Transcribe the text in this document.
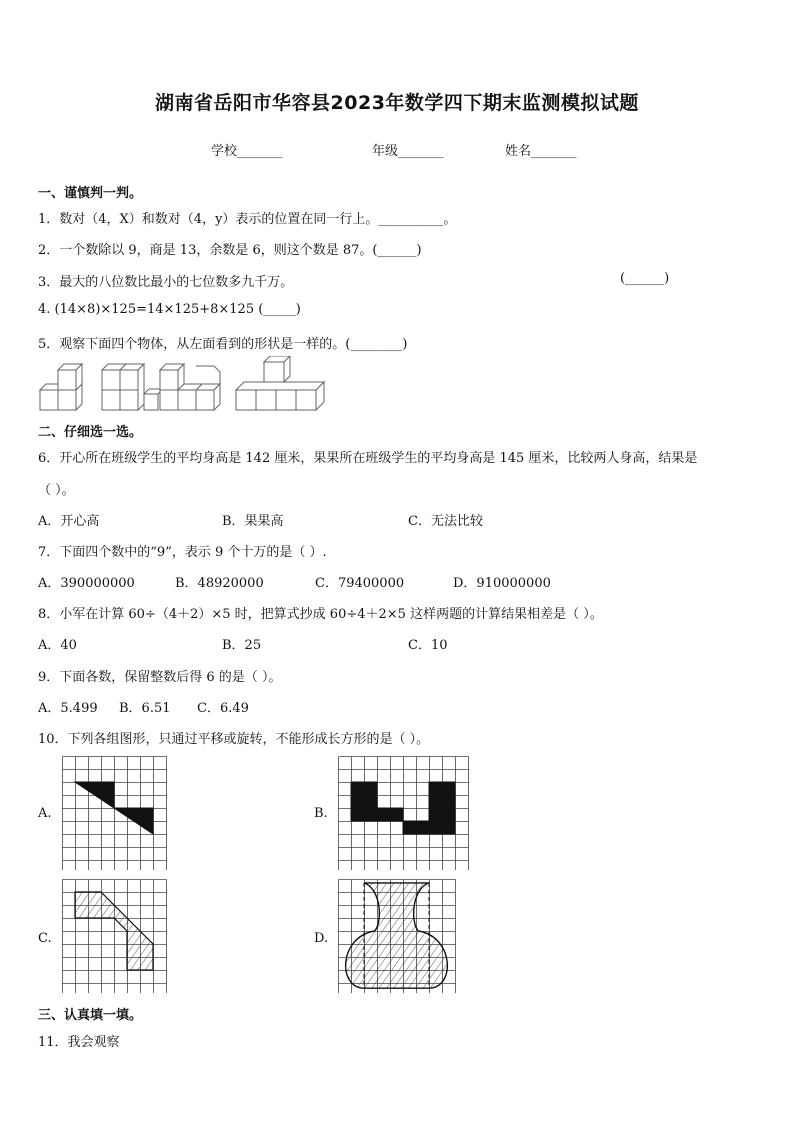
湖南省岳阳市华容县2023年数学四下期末监测模拟试题
学校_______	年级_______	姓名_______
一、谨慎判一判。
1．数对（4，X）和数对（4，y）表示的位置在同一行上。__________。
2．一个数除以 9，商是 13，余数是 6，则这个数是 87。(______)
3．最大的八位数比最小的七位数多九千万。	(______)
4. (14×8)×125=14×125+8×125 (_____)
5．观察下面四个物体，从左面看到的形状是一样的。(________)
二、仔细选一选。
6．开心所在班级学生的平均身高是 142 厘米，果果所在班级学生的平均身高是 145 厘米，比较两人身高，结果是
（ ）。
A．开心高	B．果果高	C．无法比较
7．下面四个数中的“9”，表示 9 个十万的是（ ）.
A．390000000	B．48920000	C．79400000	D．910000000
8．小军在计算 60÷（4＋2）×5 时，把算式抄成 60÷4＋2×5 这样两题的计算结果相差是（ ）。
A．40	B．25	C．10
9．下面各数，保留整数后得 6 的是（ ）。
A．5.499 B．6.51 C．6.49
10．下列各组图形，只通过平移或旋转，不能形成长方形的是（ ）。
A.	B.
C.	D.
三、认真填一填。
11．我会观察
